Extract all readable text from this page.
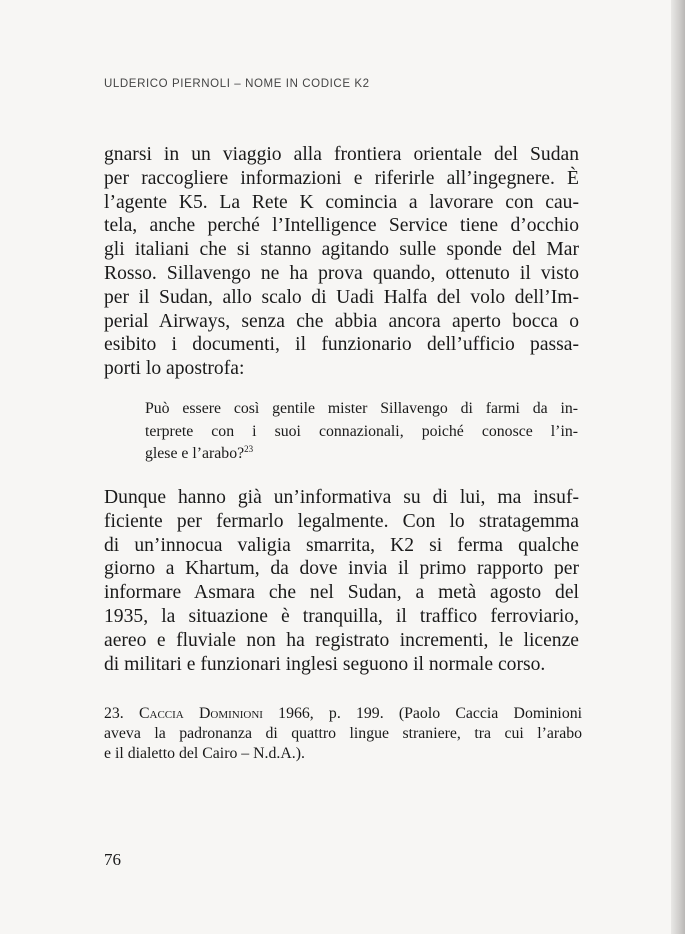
ULDERICO PIERNOLI – NOME IN CODICE K2
gnarsi in un viaggio alla frontiera orientale del Sudan
per raccogliere informazioni e riferirle all’ingegnere. È
l’agente K5. La Rete K comincia a lavorare con cau-
tela, anche perché l’Intelligence Service tiene d’occhio
gli italiani che si stanno agitando sulle sponde del Mar
Rosso. Sillavengo ne ha prova quando, ottenuto il visto
per il Sudan, allo scalo di Uadi Halfa del volo dell’Im-
perial Airways, senza che abbia ancora aperto bocca o
esibito i documenti, il funzionario dell’ufficio passa-
porti lo apostrofa:
Può essere così gentile mister Sillavengo di farmi da in-
terprete con i suoi connazionali, poiché conosce l’in-
glese e l’arabo?$^{23}$
Dunque hanno già un’informativa su di lui, ma insuf-
ficiente per fermarlo legalmente. Con lo stratagemma
di un’innocua valigia smarrita, K2 si ferma qualche
giorno a Khartum, da dove invia il primo rapporto per
informare Asmara che nel Sudan, a metà agosto del
1935, la situazione è tranquilla, il traffico ferroviario,
aereo e fluviale non ha registrato incrementi, le licenze
di militari e funzionari inglesi seguono il normale corso.
23. Caccia Dominioni 1966, p. 199. (Paolo Caccia Dominioni
aveva la padronanza di quattro lingue straniere, tra cui l’arabo
e il dialetto del Cairo – N.d.A.).
76
